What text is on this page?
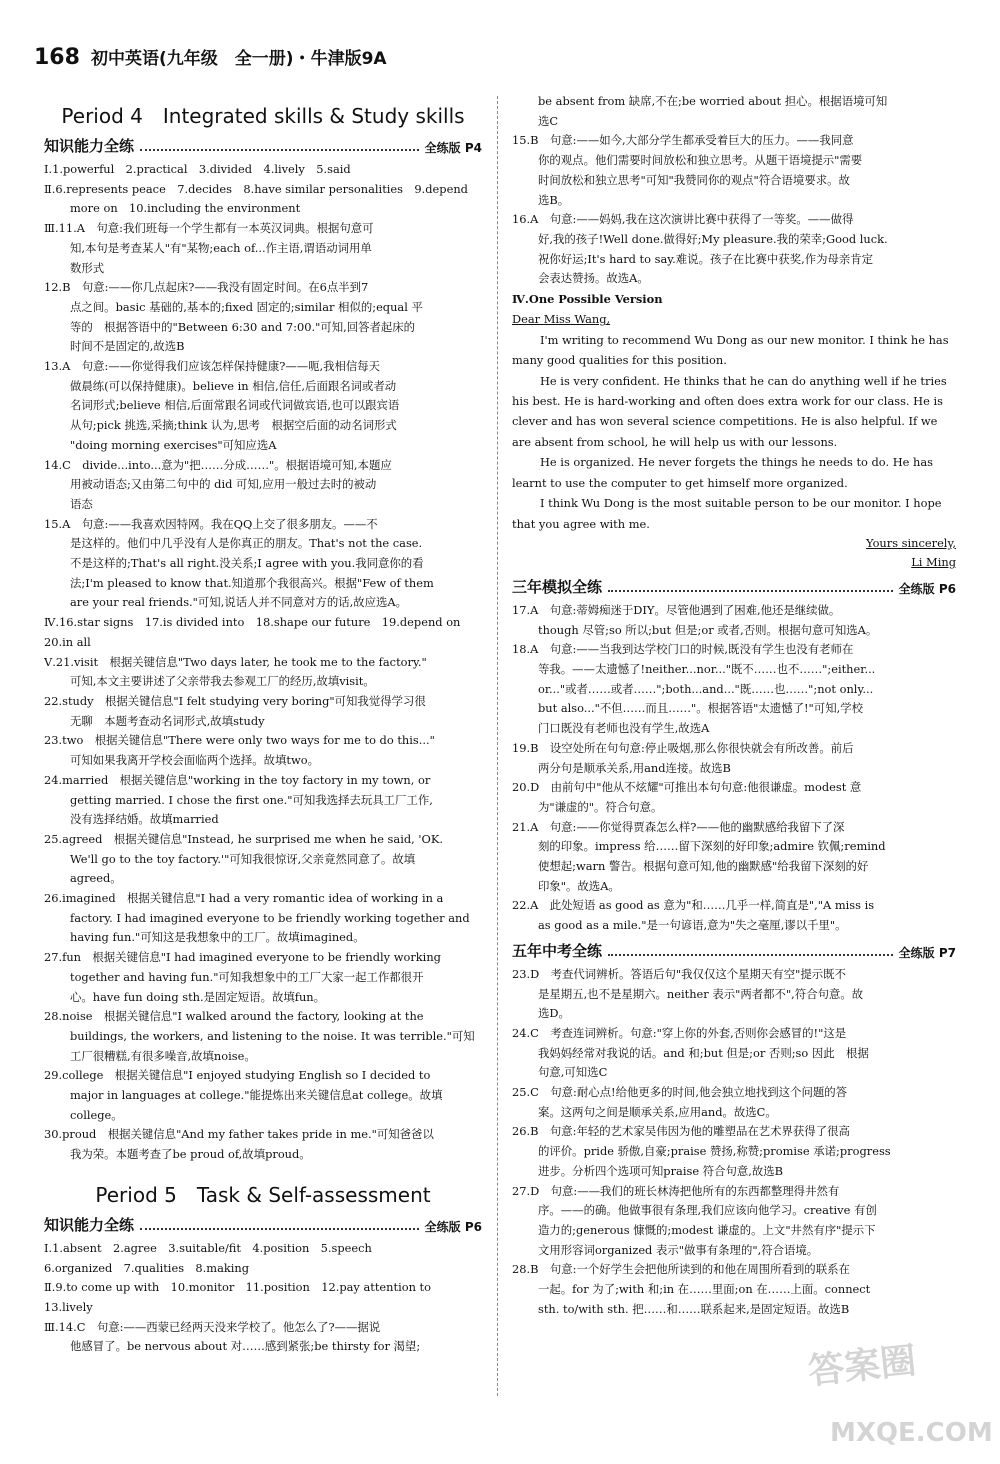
168 初中英语(九年级　全一册)・牛津版9A
Period 4　Integrated skills & Study skills
知识能力全练	全练版 P4
Ⅰ.1.powerful　2.practical　3.divided　4.lively　5.said
Ⅱ.6.represents peace　7.decides　8.have similar personalities　9.depend
more on　10.including the environment
Ⅲ.11.A　句意:我们班每一个学生都有一本英汉词典。根据句意可
知,本句是考查某人"有"某物;each of...作主语,谓语动词用单
数形式
12.B　句意:——你几点起床?——我没有固定时间。在6点半到7
点之间。basic 基础的,基本的;fixed 固定的;similar 相似的;equal 平
等的　根据答语中的"Between 6:30 and 7:00."可知,回答者起床的
时间不是固定的,故选B
13.A　句意:——你觉得我们应该怎样保持健康?——呃,我相信每天
做晨练(可以保持健康)。believe in 相信,信任,后面跟名词或者动
名词形式;believe 相信,后面常跟名词或代词做宾语,也可以跟宾语
从句;pick 挑选,采摘;think 认为,思考　根据空后面的动名词形式
"doing morning exercises"可知应选A
14.C　divide...into...意为"把……分成……"。根据语境可知,本题应
用被动语态;又由第二句中的 did 可知,应用一般过去时的被动
语态
15.A　句意:——我喜欢因特网。我在QQ上交了很多朋友。——不
是这样的。他们中几乎没有人是你真正的朋友。That's not the case.
不是这样的;That's all right.没关系;I agree with you.我同意你的看
法;I'm pleased to know that.知道那个我很高兴。根据"Few of them
are your real friends."可知,说话人并不同意对方的话,故应选A。
Ⅳ.16.star signs　17.is divided into　18.shape our future　19.depend on
20.in all
Ⅴ.21.visit　根据关键信息"Two days later, he took me to the factory."
可知,本文主要讲述了父亲带我去参观工厂的经历,故填visit。
22.study　根据关键信息"I felt studying very boring"可知我觉得学习很
无聊　本题考查动名词形式,故填study
23.two　根据关键信息"There were only two ways for me to do this..."
可知如果我离开学校会面临两个选择。故填two。
24.married　根据关键信息"working in the toy factory in my town, or
getting married. I chose the first one."可知我选择去玩具工厂工作,
没有选择结婚。故填married
25.agreed　根据关键信息"Instead, he surprised me when he said, 'OK.
We'll go to the toy factory.'"可知我很惊讶,父亲竟然同意了。故填
agreed。
26.imagined　根据关键信息"I had a very romantic idea of working in a
factory. I had imagined everyone to be friendly working together and
having fun."可知这是我想象中的工厂。故填imagined。
27.fun　根据关键信息"I had imagined everyone to be friendly working
together and having fun."可知我想象中的工厂大家一起工作都很开
心。have fun doing sth.是固定短语。故填fun。
28.noise　根据关键信息"I walked around the factory, looking at the
buildings, the workers, and listening to the noise. It was terrible."可知
工厂很糟糕,有很多噪音,故填noise。
29.college　根据关键信息"I enjoyed studying English so I decided to
major in languages at college."能提炼出来关键信息at college。故填
college。
30.proud　根据关键信息"And my father takes pride in me."可知爸爸以
我为荣。本题考查了be proud of,故填proud。
Period 5　Task & Self-assessment
知识能力全练	全练版 P6
Ⅰ.1.absent　2.agree　3.suitable/fit　4.position　5.speech
6.organized　7.qualities　8.making
Ⅱ.9.to come up with　10.monitor　11.position　12.pay attention to
13.lively
Ⅲ.14.C　句意:——西蒙已经两天没来学校了。他怎么了?——据说
他感冒了。be nervous about 对……感到紧张;be thirsty for 渴望;
be absent from 缺席,不在;be worried about 担心。根据语境可知
选C
15.B　句意:——如今,大部分学生都承受着巨大的压力。——我同意
你的观点。他们需要时间放松和独立思考。从题干语境提示"需要
时间放松和独立思考"可知"我赞同你的观点"符合语境要求。故
选B。
16.A　句意:——妈妈,我在这次演讲比赛中获得了一等奖。——做得
好,我的孩子!Well done.做得好;My pleasure.我的荣幸;Good luck.
祝你好运;It's hard to say.难说。孩子在比赛中获奖,作为母亲肯定
会表达赞扬。故选A。
Ⅳ.One Possible Version
Dear Miss Wang,
I'm writing to recommend Wu Dong as our new monitor. I think he has many good qualities for this position.
He is very confident. He thinks that he can do anything well if he tries his best. He is hard-working and often does extra work for our class. He is clever and has won several science competitions. He is also helpful. If we are absent from school, he will help us with our lessons.
He is organized. He never forgets the things he needs to do. He has learnt to use the computer to get himself more organized.
I think Wu Dong is the most suitable person to be our monitor. I hope that you agree with me.
Yours sincerely,
Li Ming
三年模拟全练	全练版 P6
17.A　句意:蒂姆痴迷于DIY。尽管他遇到了困难,他还是继续做。
though 尽管;so 所以;but 但是;or 或者,否则。根据句意可知选A。
18.A　句意:——当我到达学校门口的时候,既没有学生也没有老师在
等我。——太遗憾了!neither...nor..."既不……也不……";either...
or..."或者……或者……";both...and..."既……也……";not only...
but also..."不但……而且……"。根据答语"太遗憾了!"可知,学校
门口既没有老师也没有学生,故选A
19.B　设空处所在句句意:停止吸烟,那么你很快就会有所改善。前后
两分句是顺承关系,用and连接。故选B
20.D　由前句中"他从不炫耀"可推出本句句意:他很谦虚。modest 意
为"谦虚的"。符合句意。
21.A　句意:——你觉得贾森怎么样?——他的幽默感给我留下了深
刻的印象。impress 给……留下深刻的好印象;admire 钦佩;remind
使想起;warn 警告。根据句意可知,他的幽默感"给我留下深刻的好
印象"。故选A。
22.A　此处短语 as good as 意为"和……几乎一样,简直是","A miss is
as good as a mile."是一句谚语,意为"失之毫厘,谬以千里"。
五年中考全练	全练版 P7
23.D　考查代词辨析。答语后句"我仅仅这个星期天有空"提示既不
是星期五,也不是星期六。neither 表示"两者都不",符合句意。故
选D。
24.C　考查连词辨析。句意:"穿上你的外套,否则你会感冒的!"这是
我妈妈经常对我说的话。and 和;but 但是;or 否则;so 因此　根据
句意,可知选C
25.C　句意:耐心点!给他更多的时间,他会独立地找到这个问题的答
案。这两句之间是顺承关系,应用and。故选C。
26.B　句意:年轻的艺术家吴伟因为他的雕塑品在艺术界获得了很高
的评价。pride 骄傲,自豪;praise 赞扬,称赞;promise 承诺;progress
进步。分析四个选项可知praise 符合句意,故选B
27.D　句意:——我们的班长林涛把他所有的东西都整理得井然有
序。——的确。他做事很有条理,我们应该向他学习。creative 有创
造力的;generous 慷慨的;modest 谦虚的。上文"井然有序"提示下
文用形容词organized 表示"做事有条理的",符合语境。
28.B　句意:一个好学生会把他所读到的和他在周围所看到的联系在
一起。for 为了;with 和;in 在……里面;on 在……上面。connect
sth. to/with sth. 把……和……联系起来,是固定短语。故选B
答案圈
MXQE.COM
